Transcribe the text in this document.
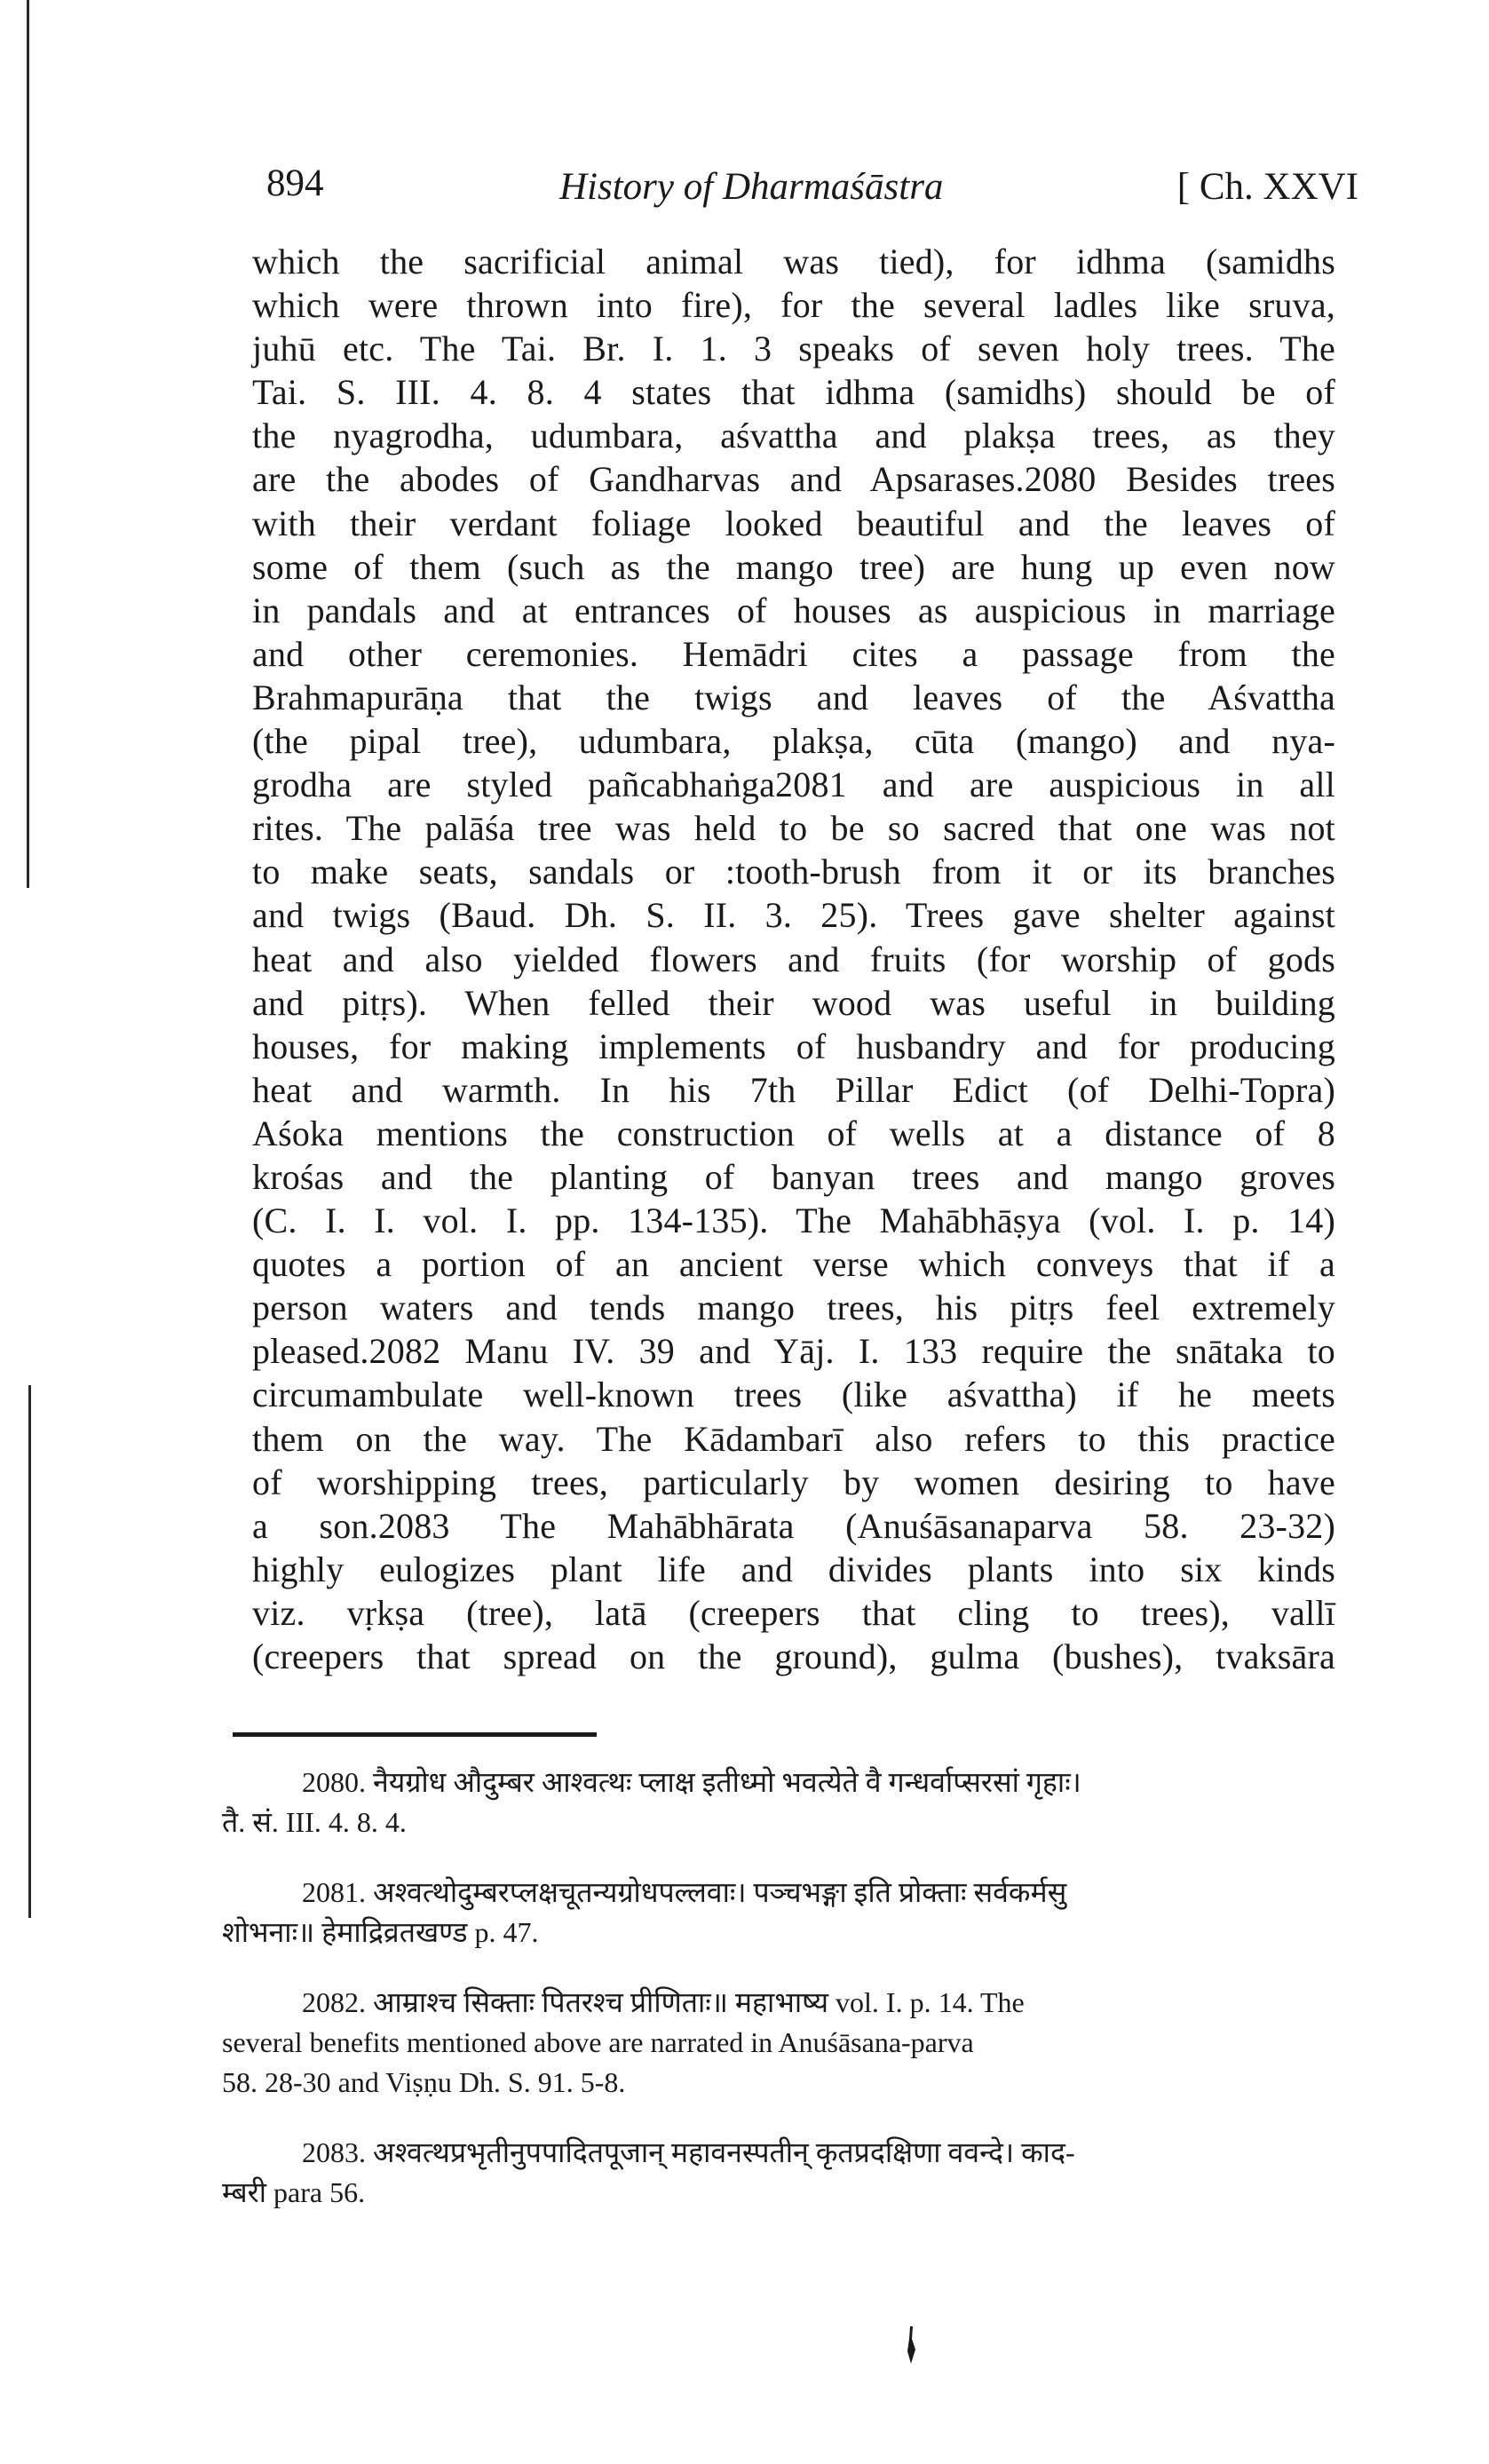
894	History of Dharmaśāstra	[ Ch. XXVI
which the sacrificial animal was tied), for idhma (samidhs
which were thrown into fire), for the several ladles like sruva,
juhū etc. The Tai. Br. I. 1. 3 speaks of seven holy trees. The
Tai. S. III. 4. 8. 4 states that idhma (samidhs) should be of
the nyagrodha, udumbara, aśvattha and plakṣa trees, as they
are the abodes of Gandharvas and Apsarases.2080 Besides trees
with their verdant foliage looked beautiful and the leaves of
some of them (such as the mango tree) are hung up even now
in pandals and at entrances of houses as auspicious in marriage
and other ceremonies. Hemādri cites a passage from the
Brahmapurāṇa that the twigs and leaves of the Aśvattha
(the pipal tree), udumbara, plakṣa, cūta (mango) and nya-
grodha are styled pañcabhaṅga2081 and are auspicious in all
rites. The palāśa tree was held to be so sacred that one was not
to make seats, sandals or :tooth-brush from it or its branches
and twigs (Baud. Dh. S. II. 3. 25). Trees gave shelter against
heat and also yielded flowers and fruits (for worship of gods
and pitṛs). When felled their wood was useful in building
houses, for making implements of husbandry and for producing
heat and warmth. In his 7th Pillar Edict (of Delhi-Topra)
Aśoka mentions the construction of wells at a distance of 8
krośas and the planting of banyan trees and mango groves
(C. I. I. vol. I. pp. 134-135). The Mahābhāṣya (vol. I. p. 14)
quotes a portion of an ancient verse which conveys that if a
person waters and tends mango trees, his pitṛs feel extremely
pleased.2082 Manu IV. 39 and Yāj. I. 133 require the snātaka to
circumambulate well-known trees (like aśvattha) if he meets
them on the way. The Kādambarī also refers to this practice
of worshipping trees, particularly by women desiring to have
a son.2083 The Mahābhārata (Anuśāsanaparva 58. 23-32)
highly eulogizes plant life and divides plants into six kinds
viz. vṛkṣa (tree), latā (creepers that cling to trees), vallī
(creepers that spread on the ground), gulma (bushes), tvaksāra
2080. नैयग्रोध औदुम्बर आश्वत्थः प्लाक्ष इतीध्मो भवत्येते वै गन्धर्वाप्सरसां गृहाः।
तै. सं. III. 4. 8. 4.
2081. अश्वत्थोदुम्बरप्लक्षचूतन्यग्रोधपल्लवाः। पञ्चभङ्गा इति प्रोक्ताः सर्वकर्मसु
शोभनाः॥ हेमाद्रिव्रतखण्ड p. 47.
2082. आम्राश्च सिक्ताः पितरश्च प्रीणिताः॥ महाभाष्य vol. I. p. 14. The
several benefits mentioned above are narrated in Anuśāsana-parva
58. 28-30 and Viṣṇu Dh. S. 91. 5-8.
2083. अश्वत्थप्रभृतीनुपपादितपूजान् महावनस्पतीन् कृतप्रदक्षिणा ववन्दे। काद-
म्बरी para 56.
